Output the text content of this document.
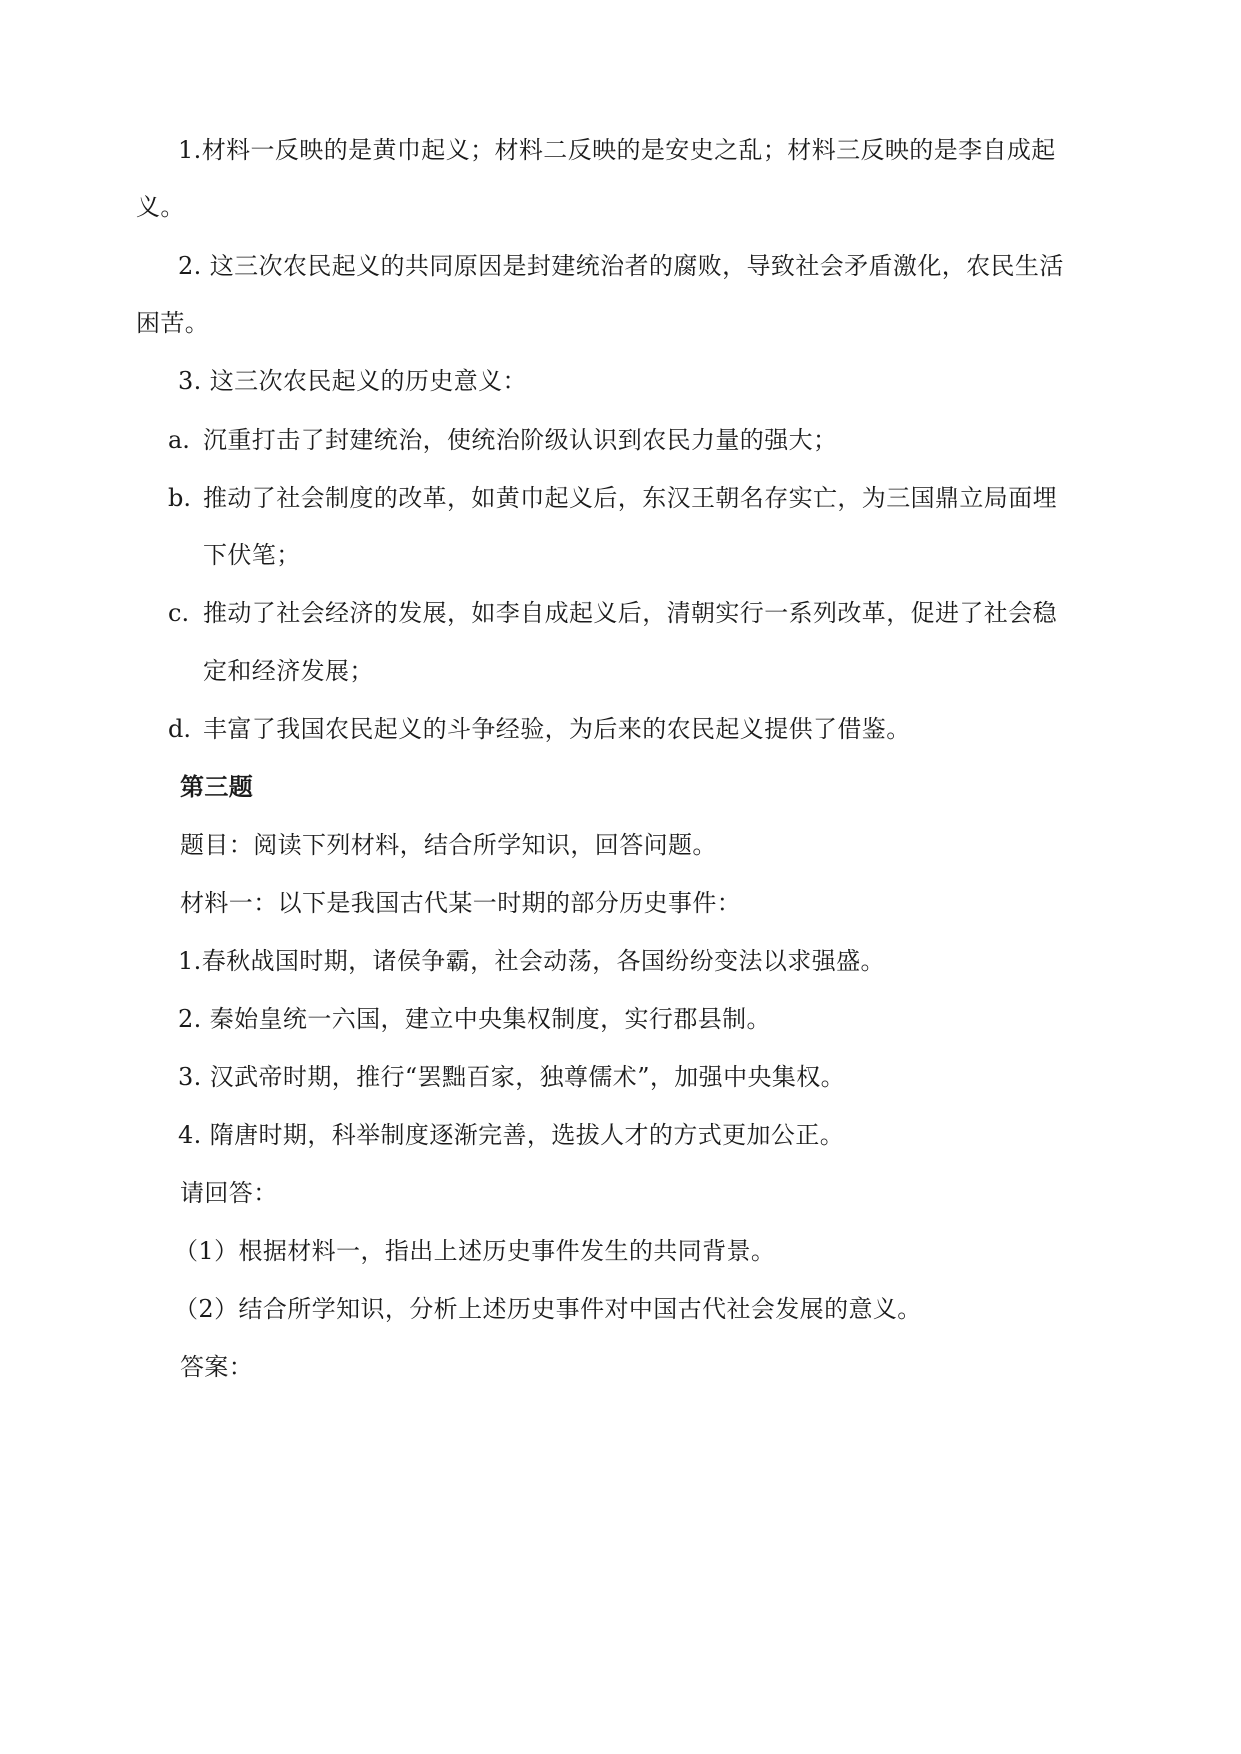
1.材料一反映的是黄巾起义；材料二反映的是安史之乱；材料三反映的是李自成起
义。
2. 这三次农民起义的共同原因是封建统治者的腐败，导致社会矛盾激化，农民生活
困苦。
3. 这三次农民起义的历史意义：
a. 沉重打击了封建统治，使统治阶级认识到农民力量的强大；
b. 推动了社会制度的改革，如黄巾起义后，东汉王朝名存实亡，为三国鼎立局面埋
下伏笔；
c. 推动了社会经济的发展，如李自成起义后，清朝实行一系列改革，促进了社会稳
定和经济发展；
d. 丰富了我国农民起义的斗争经验，为后来的农民起义提供了借鉴。
第三题
题目：阅读下列材料，结合所学知识，回答问题。
材料一：以下是我国古代某一时期的部分历史事件：
1.春秋战国时期，诸侯争霸，社会动荡，各国纷纷变法以求强盛。
2. 秦始皇统一六国，建立中央集权制度，实行郡县制。
3. 汉武帝时期，推行“罢黜百家，独尊儒术”，加强中央集权。
4. 隋唐时期，科举制度逐渐完善，选拔人才的方式更加公正。
请回答：
（1）根据材料一，指出上述历史事件发生的共同背景。
（2）结合所学知识，分析上述历史事件对中国古代社会发展的意义。
答案：
